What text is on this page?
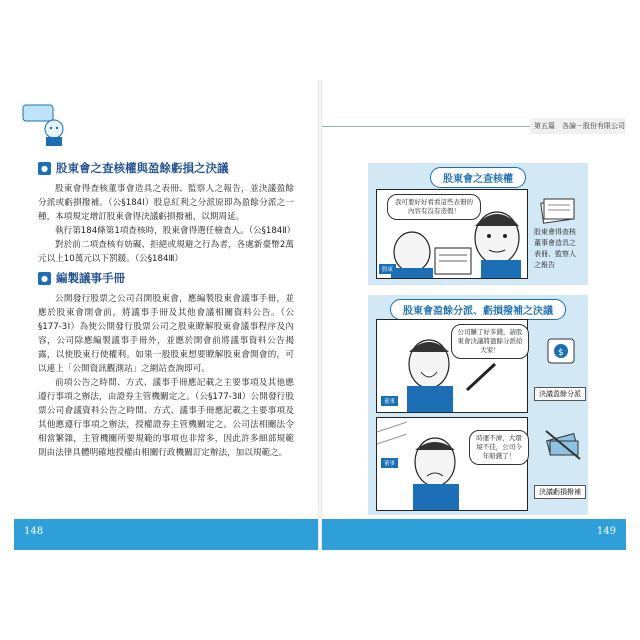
第五篇　各論－股份有限公司
● 股東會之查核權與盈餘虧損之決議
股東會得查核董事會造具之表冊、監察人之報告，並決議盈餘分派或虧損撥補。（公§184Ⅰ）股息紅利之分派原即為盈餘分派之一種，本項規定增訂股東會得決議虧損撥補，以期周延。
執行第184條第1項查核時，股東會得選任檢查人。（公§184Ⅱ）
對於前二項查核有妨礙、拒絕或規避之行為者，各處新臺幣2萬元以上10萬元以下罰鍰。（公§184Ⅲ）
● 編製議事手冊
公開發行股票之公司召開股東會，應編製股東會議事手冊，並應於股東會開會前，將議事手冊及其他會議相關資料公告。（公§177-3Ⅰ）為使公開發行股票公司之股東瞭解股東會議事程序及內容，公司除應編製議事手冊外，並應於開會前將議事資料公告揭露，以使股東行使權利。如果一般股東想要瞭解股東會開會的，可以連上「公開資訊觀測站」之網站查詢即可。
前項公告之時間、方式、議事手冊應記載之主要事項及其他應遵行事項之辦法，由證券主管機關定之。（公§177-3Ⅱ）公開發行股票公司會議資料公告之時間、方式、議事手冊應記載之主要事項及其他應遵行事項之辦法，授權證券主管機關定之。公司法相關法令相當繁雜，主管機關所要規範的事項也非常多，因此許多細部規範則由法律具體明確地授權由相關行政機關訂定辦法，加以規範之。
148
股東會之查核權
我可要好好看看這些表冊的內容有沒有造假！
股東
股東會得查核
董事會造具之
表冊、監察人
之報告
股東會盈餘分派、虧損撥補之決議
公司賺了好多錢，請股東會決議將盈餘分派給大家！
董事
$
決議盈餘分派
時運不濟，大環境不佳，公司今年賠錢了！
董事
決議虧損撥補
149
